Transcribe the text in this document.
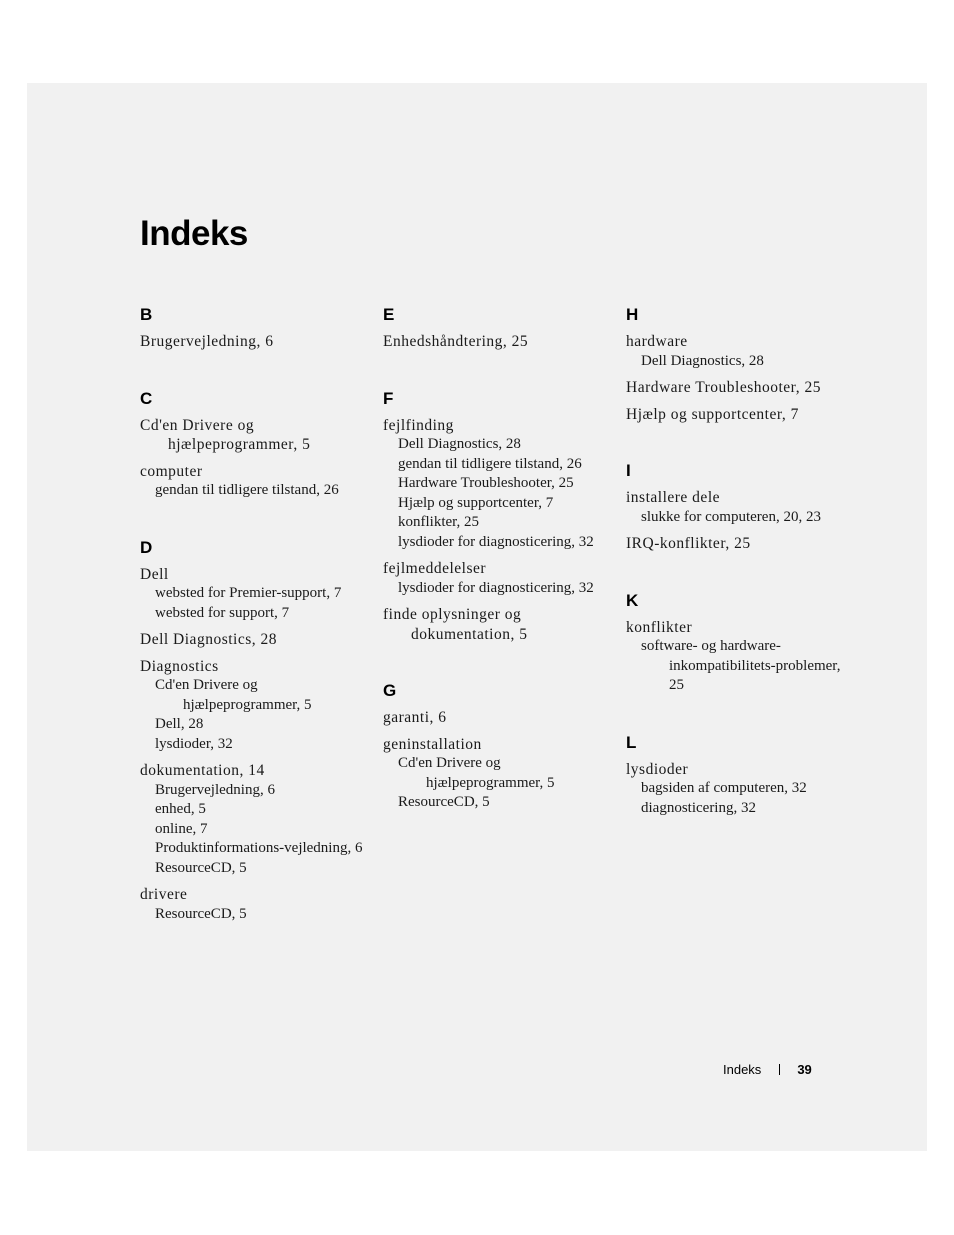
Indeks
B
Brugervejledning, 6
C
Cd'en Drivere og hjælpeprogrammer, 5
computer
gendan til tidligere tilstand, 26
D
Dell
websted for Premier-support, 7
websted for support, 7
Dell Diagnostics, 28
Diagnostics
Cd'en Drivere og hjælpeprogrammer, 5
Dell, 28
lysdioder, 32
dokumentation, 14
Brugervejledning, 6
enhed, 5
online, 7
Produktinformations-vejledning, 6
ResourceCD, 5
drivere
ResourceCD, 5
E
Enhedshåndtering, 25
F
fejlfinding
Dell Diagnostics, 28
gendan til tidligere tilstand, 26
Hardware Troubleshooter, 25
Hjælp og supportcenter, 7
konflikter, 25
lysdioder for diagnosticering, 32
fejlmeddelelser
lysdioder for diagnosticering, 32
finde oplysninger og dokumentation, 5
G
garanti, 6
geninstallation
Cd'en Drivere og hjælpeprogrammer, 5
ResourceCD, 5
H
hardware
Dell Diagnostics, 28
Hardware Troubleshooter, 25
Hjælp og supportcenter, 7
I
installere dele
slukke for computeren, 20, 23
IRQ-konflikter, 25
K
konflikter
software- og hardware-inkompatibilitets-problemer, 25
L
lysdioder
bagsiden af computeren, 32
diagnosticering, 32
Indeks	39
